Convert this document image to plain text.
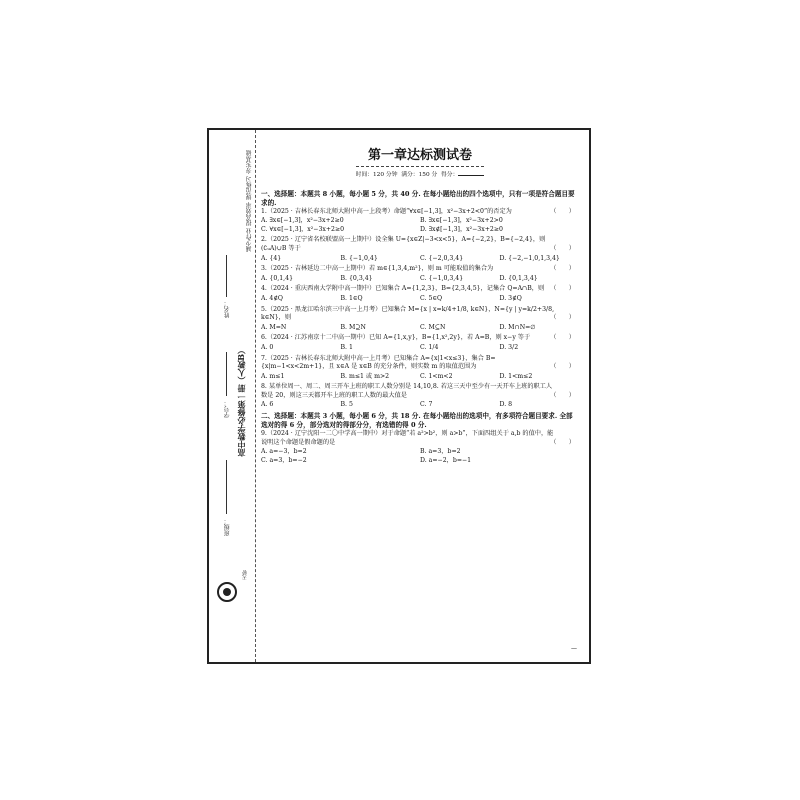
减少作业 提高效率 规范练习 夯实基础
姓名：
学号： 高中数学必修第一册（人教B）
班级：
天骄

第一章达标测试卷

时间：120 分钟 满分：150 分 得分：
一、选择题：本题共 8 小题，每小题 5 分，共 40 分. 在每小题给出的四个选项中，只有一项是符合题目要求的.
1.（2025 · 吉林长春东北师大附中高一上段考）命题“∀x∈[−1,3]，x²−3x+2<0”的否定为	（　　）
A. ∃x∈[−1,3]，x²−3x+2≥0	B. ∃x∈[−1,3]，x²−3x+2>0
C. ∀x∈[−1,3]，x²−3x+2≥0	D. ∃x∉[−1,3]，x²−3x+2≥0
2.（2025 · 辽宁省名校联盟高一上期中）设全集 U={x∈Z|−3<x<5}，A={−2,2}，B={−2,4}，则(∁ᵤA)∪B 等于	（　　）
A. {4}	B. {−1,0,4}	C. {−2,0,3,4}	D. {−2,−1,0,1,3,4}
3.（2025 · 吉林延边二中高一上期中）若 m∈{1,3,4,m²}，则 m 可能取值的集合为	（　　）
A. {0,1,4}	B. {0,3,4}	C. {−1,0,3,4}	D. {0,1,3,4}
4.（2024 · 重庆西南大学附中高一期中）已知集合 A={1,2,3}，B={2,3,4,5}，记集合 Q=A∩B，则 （　　）
A. 4∉Q	B. 1∈Q	C. 5∈Q	D. 3∉Q
5.（2025 · 黑龙江哈尔滨三中高一上月考）已知集合 M={x | x=k/4+1/8, k∈N}，N={y | y=k/2+3/8, k∈N}，则	（　　）
A. M=N	B. M⊇N	C. M⊆N	D. M∩N=∅
6.（2024 · 江苏南京十二中高一期中）已知 A={1,x,y}，B={1,x²,2y}，若 A=B，则 x−y 等于	（　　）
A. 0	B. 1	C. 1/4	D. 3/2
7.（2025 · 吉林长春东北师大附中高一上月考）已知集合 A={x|1<x≤3}，集合 B={x|m−1<x<2m+1}，且 x∈A 是 x∈B 的充分条件，则实数 m 的取值范围为	（　　）
A. m≤1	B. m≤1 或 m>2	C. 1<m<2	D. 1<m≤2
8. 某单位周一、周二、周三开车上班的职工人数分别是 14,10,8. 若这三天中至少有一天开车上班的职工人数是 20，则这三天都开车上班的职工人数的最大值是	（　　）
A. 6	B. 5	C. 7	D. 8
二、选择题：本题共 3 小题，每小题 6 分，共 18 分. 在每小题给出的选项中，有多项符合题目要求. 全部选对的得 6 分，部分选对的得部分分，有选错的得 0 分.
9.（2024 · 辽宁沈阳一二〇中学高一期中）对于命题“若 a²>b²，则 a>b”，下面四组关于 a,b 的值中，能说明这个命题是假命题的是	（　　）
A. a=−3，b=2	B. a=3，b=2
C. a=3，b=−2	D. a=−2，b=−1
—
